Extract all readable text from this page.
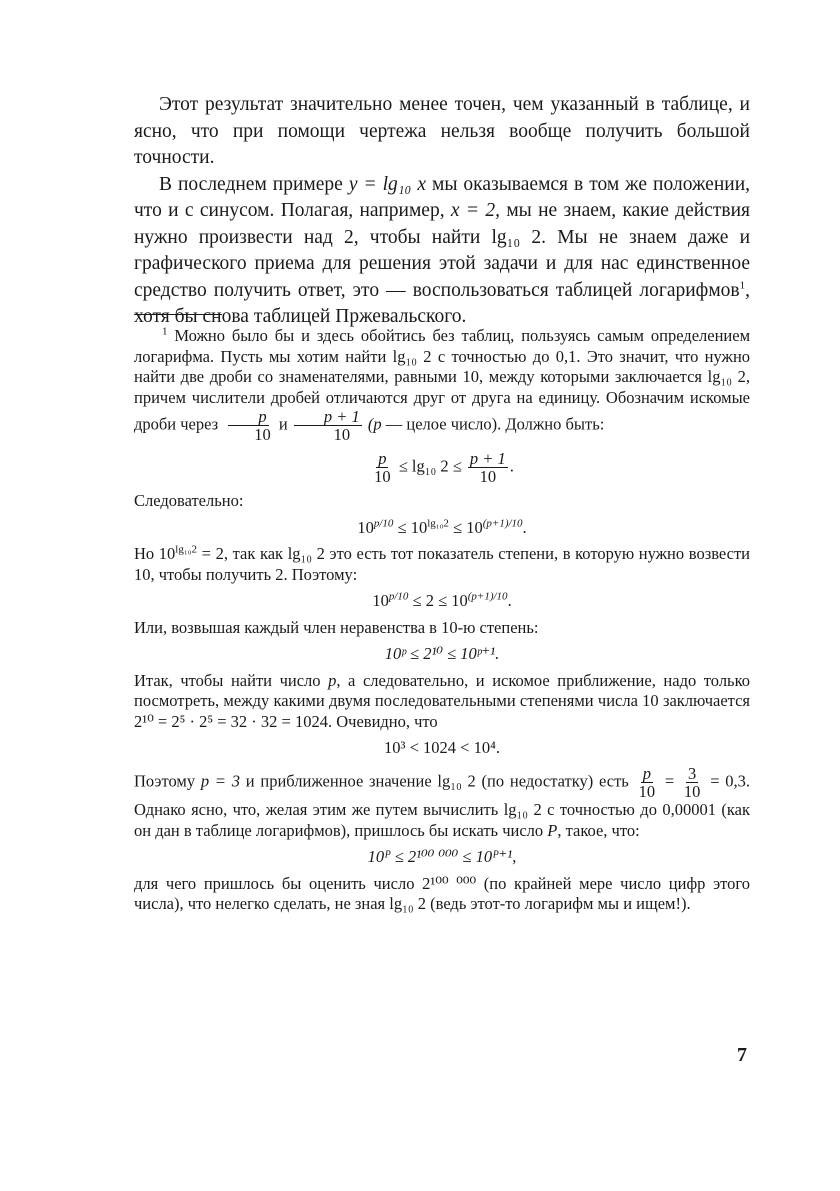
Этот результат значительно менее точен, чем указанный в таблице, и ясно, что при помощи чертежа нельзя вообще получить большой точности.

В последнем примере y = lg₁₀ x мы оказываемся в том же положении, что и с синусом. Полагая, например, x = 2, мы не знаем, какие действия нужно произвести над 2, чтобы найти lg₁₀ 2. Мы не знаем даже и графического приема для решения этой задачи и для нас единственное средство получить ответ, это — воспользоваться таблицей логарифмов$^1$, хотя бы снова таблицей Пржевальского.

$^1$ Можно было бы и здесь обойтись без таблиц, пользуясь самым определением логарифма. Пусть мы хотим найти lg₁₀ 2 с точностью до 0,1. Это значит, что нужно найти две дроби со знаменателями, равными 10, между которыми заключается lg₁₀ 2, причем числители дробей отличаются друг от друга на единицу. Обозначим искомые дроби через $\frac{p}{10}$ и $\frac{p + 1}{10} (p$ — целое число). Должно быть:

$\frac{p}{10} \le \lg_{10}$ $2 \le \frac{p + 1}{10}$ .

Следовательно:

$10^{p/10} \le 10^{lg_{10}2} \le 10^{(p+1)/10}$.

Но $10^{lg_{10}2} = 2$, так как lg₁₀ 2 это есть тот показатель степени, в которую нужно возвести 10, чтобы получить 2. Поэтому:

$10^{p/10} \le 2 \le 10^{(p+1)/10}$.

Или, возвышая каждый член неравенства в 10-ю степень:

10ᵖ ≤ 2¹⁰ ≤ 10ᵖ⁺¹.

Итак, чтобы найти число p, а следовательно, и искомое приближение, надо только посмотреть, между какими двумя последовательными степенями числа 10 заключается 2¹⁰ = 2⁵ · 2⁵ = 32 · 32 = 1024. Очевидно, что

10³ < 1024 < 10⁴.

Поэтому p = 3 и приближенное значение lg₁₀ 2 (по недостатку) есть $\frac{p}{10} = \frac{3}{10} = 0,3$. Однако ясно, что, желая этим же путем вычислить lg₁₀ 2 с точностью до 0,00001 (как он дан в таблице логарифмов), пришлось бы искать число P, такое, что:

10ᴾ ≤ 2¹⁰⁰ ⁰⁰⁰ ≤ 10ᴾ⁺¹,

для чего пришлось бы оценить число 2¹⁰⁰ ⁰⁰⁰ (по крайней мере число цифр этого числа), что нелегко сделать, не зная lg₁₀ 2 (ведь этот-то логарифм мы и ищем!).

7
